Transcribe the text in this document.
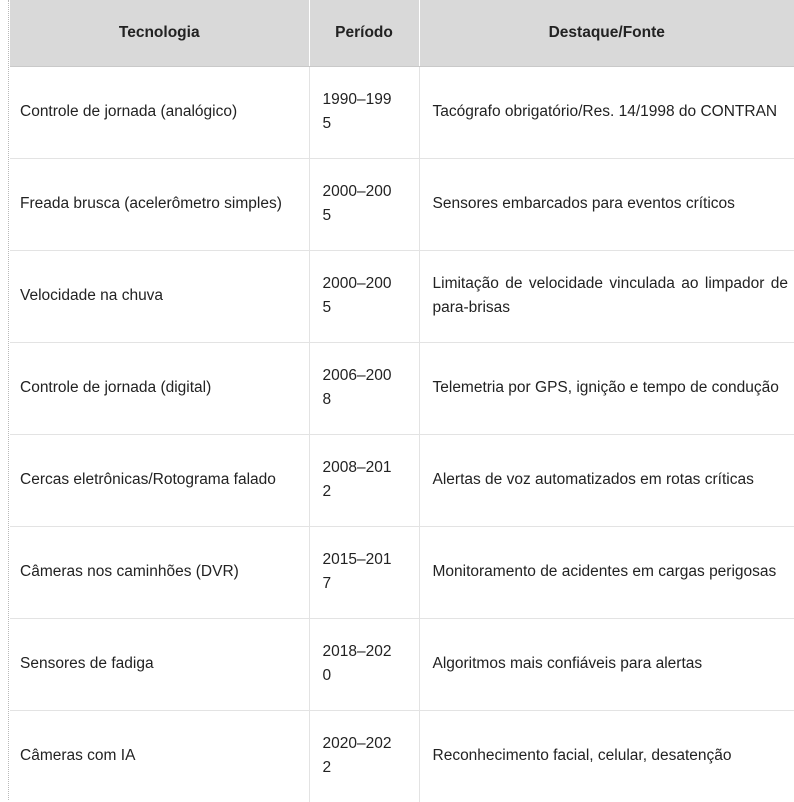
Tecnologia	Período	Destaque/Fonte

Controle de jornada (analógico)	1990–1995	Tacógrafo obrigatório/Res. 14/1998 do CONTRAN

Freada brusca (acelerômetro simples)	2000–2005	Sensores embarcados para eventos críticos

Velocidade na chuva	2000–2005	Limitação de velocidade vinculada ao limpador de para-brisas

Controle de jornada (digital)	2006–2008	Telemetria por GPS, ignição e tempo de condução

Cercas eletrônicas/Rotograma falado	2008–2012	Alertas de voz automatizados em rotas críticas

Câmeras nos caminhões (DVR)	2015–2017	Monitoramento de acidentes em cargas perigosas

Sensores de fadiga	2018–2020	Algoritmos mais confiáveis para alertas

Câmeras com IA	2020–2022	Reconhecimento facial, celular, desatenção
